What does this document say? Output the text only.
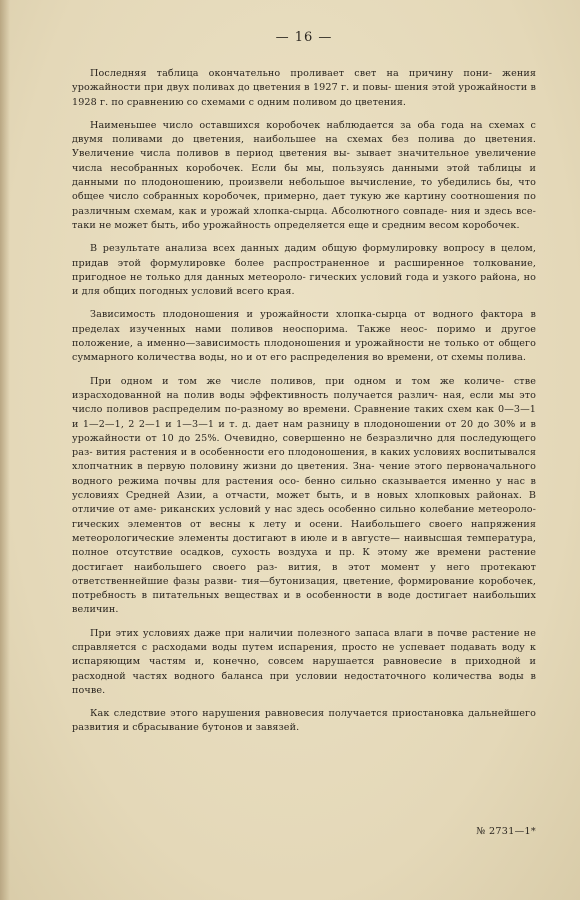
— 16 —

Последняя таблица окончательно проливает свет на причину пони- жения урожайности при двух поливах до цветения в 1927 г. и повы- шения этой урожайности в 1928 г. по сравнению со схемами с одним поливом до цветения.

Наименьшее число оставшихся коробочек наблюдается за оба года на схемах с двумя поливами до цветения, наибольшее на схемах без полива до цветения. Увеличение числа поливов в период цветения вы- зывает значительное увеличение числа несобранных коробочек. Если бы мы, пользуясь данными этой таблицы и данными по плодоношению, произвели небольшое вычисление, то убедились бы, что общее число собранных коробочек, примерно, дает тукую же картину соотношения по различным схемам, как и урожай хлопка-сырца. Абсолютного совпаде- ния и здесь все-таки не может быть, ибо урожайность определяется еще и средним весом коробочек.

В результате анализа всех данных дадим общую формулировку вопросу в целом, придав этой формулировке более распространенное и расширенное толкование, пригодное не только для данных метеороло- гических условий года и узкого района, но и для общих погодных условий всего края.

Зависимость плодоношения и урожайности хлопка-сырца от водного фактора в пределах изученных нами поливов неоспорима. Также неос- поримо и другое положение, а именно—зависимость плодоношения и урожайности не только от общего суммарного количества воды, но и от его распределения во времени, от схемы полива.

При одном и том же числе поливов, при одном и том же количе- стве израсходованной на полив воды эффективность получается различ- ная, если мы это число поливов распределим по-разному во времени. Сравнение таких схем как 0—3—1 и 1—2—1, 2 2—1 и 1—3—1 и т. д. дает нам разницу в плодоношении от 20 до 30% и в урожайности от 10 до 25%. Очевидно, совершенно не безразлично для последующего раз- вития растения и в особенности его плодоношения, в каких условиях воспитывался хлопчатник в первую половину жизни до цветения. Зна- чение этого первоначального водного режима почвы для растения осо- бенно сильно сказывается именно у нас в условиях Средней Азии, а отчасти, может быть, и в новых хлопковых районах. В отличие от аме- риканских условий у нас здесь особенно сильно колебание метеороло- гических элементов от весны к лету и осени. Наибольшего своего напряжения метеорологические элементы достигают в июле и в августе— наивысшая температура, полное отсутствие осадков, сухость воздуха и пр. К этому же времени растение достигает наибольшего своего раз- вития, в этот момент у него протекают ответственнейшие фазы разви- тия—бутонизация, цветение, формирование коробочек, потребность в питательных веществах и в особенности в воде достигает наибольших величин.

При этих условиях даже при наличии полезного запаса влаги в почве растение не справляется с расходами воды путем испарения, просто не успевает подавать воду к испаряющим частям и, конечно, совсем нарушается равновесие в приходной и расходной частях водного баланса при условии недостаточного количества воды в почве.

Как следствие этого нарушения равновесия получается приостановка дальнейшего развития и сбрасывание бутонов и завязей.

№ 2731—1*
